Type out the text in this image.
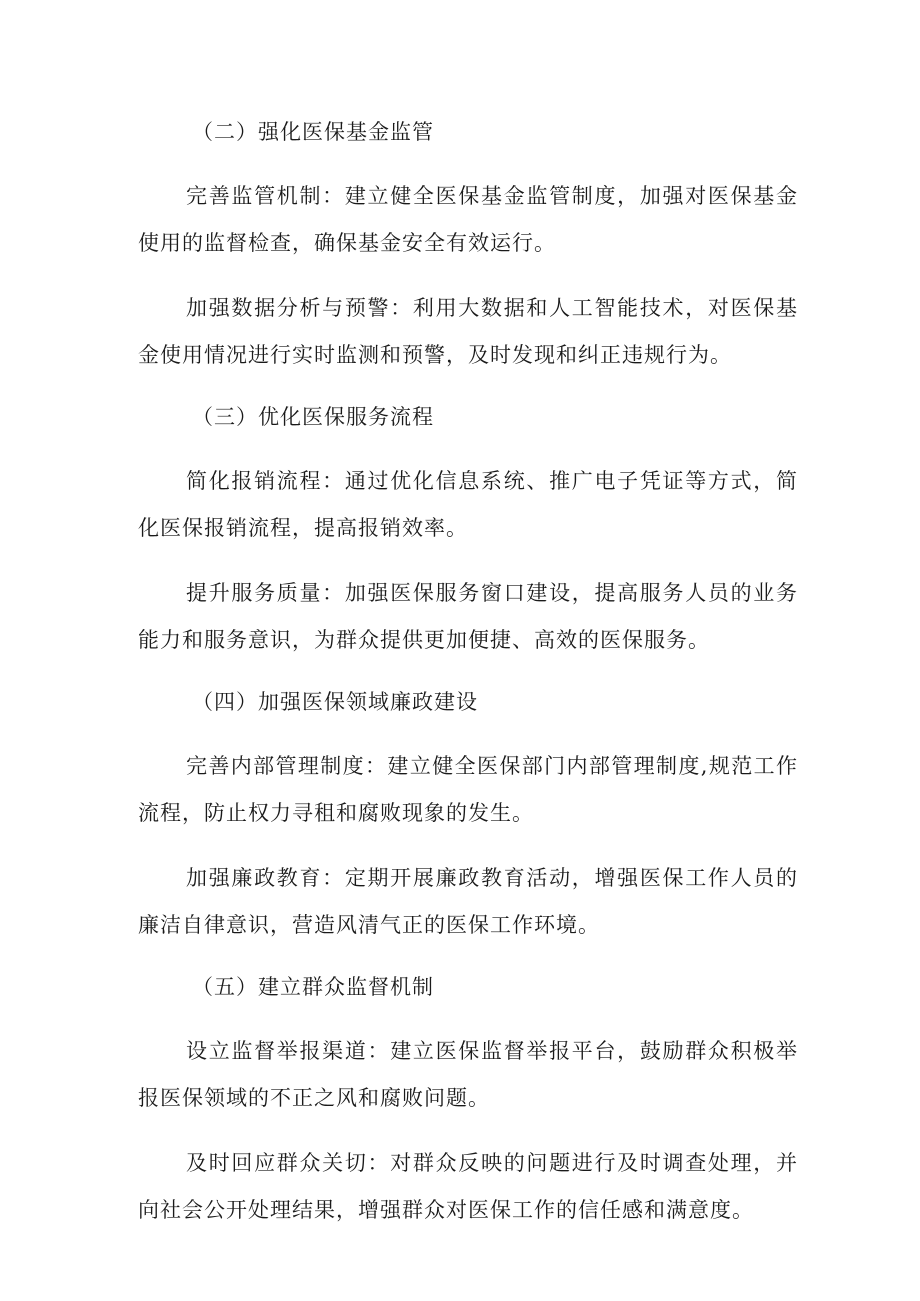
（二）强化医保基金监管

完善监管机制：建立健全医保基金监管制度，加强对医保基金使用的监督检查，确保基金安全有效运行。

加强数据分析与预警：利用大数据和人工智能技术，对医保基金使用情况进行实时监测和预警，及时发现和纠正违规行为。

（三）优化医保服务流程

简化报销流程：通过优化信息系统、推广电子凭证等方式，简化医保报销流程，提高报销效率。

提升服务质量：加强医保服务窗口建设，提高服务人员的业务能力和服务意识，为群众提供更加便捷、高效的医保服务。

（四）加强医保领域廉政建设

完善内部管理制度：建立健全医保部门内部管理制度,规范工作流程，防止权力寻租和腐败现象的发生。

加强廉政教育：定期开展廉政教育活动，增强医保工作人员的廉洁自律意识，营造风清气正的医保工作环境。

（五）建立群众监督机制

设立监督举报渠道：建立医保监督举报平台，鼓励群众积极举报医保领域的不正之风和腐败问题。

及时回应群众关切：对群众反映的问题进行及时调查处理，并向社会公开处理结果，增强群众对医保工作的信任感和满意度。
